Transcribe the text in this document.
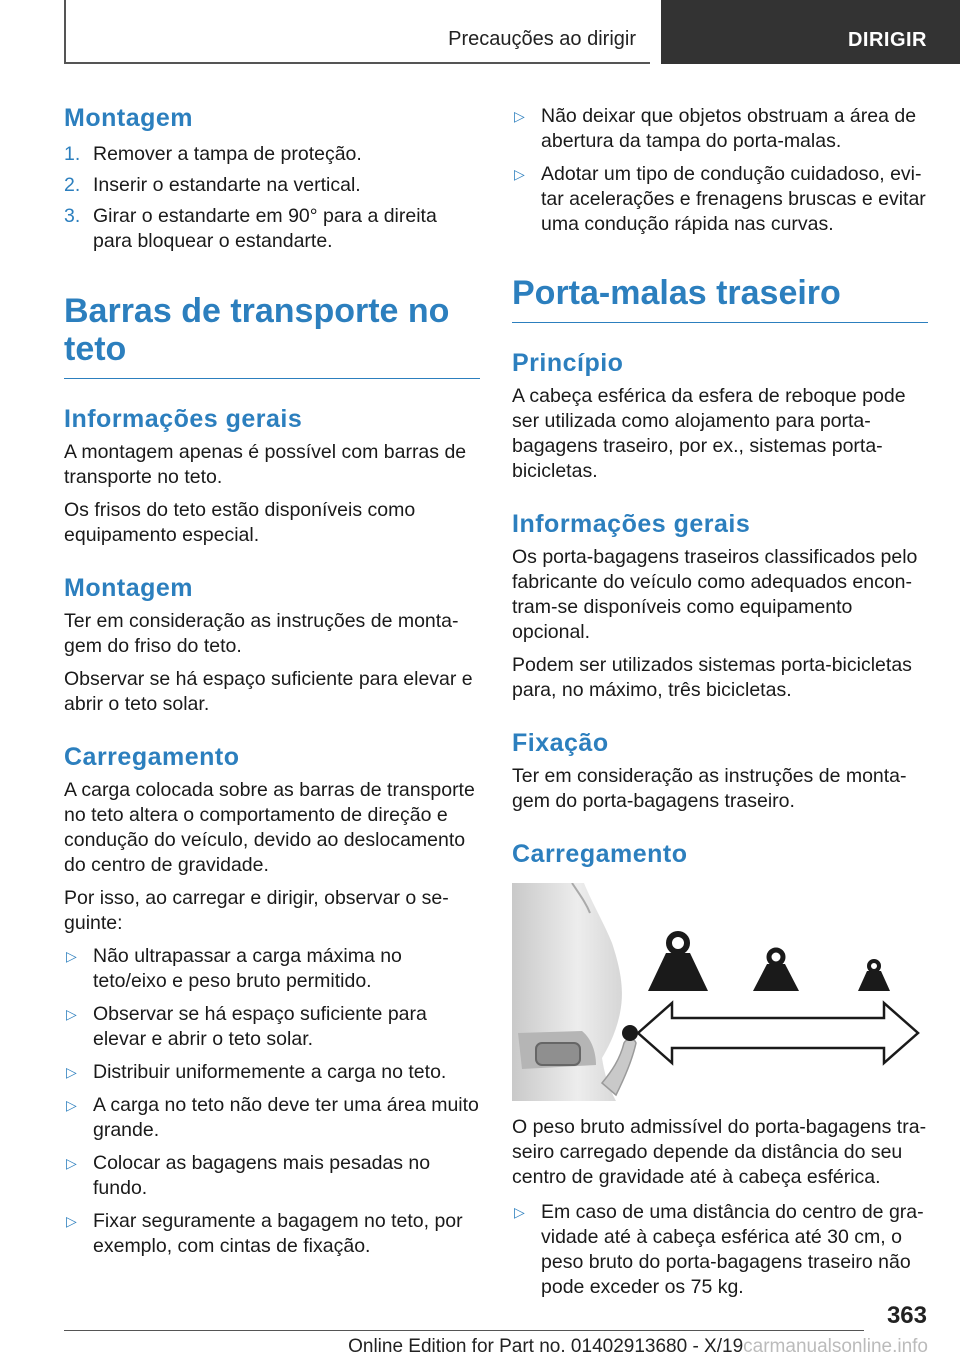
Precauções ao dirigir	DIRIGIR
Montagem
1. Remover a tampa de proteção.
2. Inserir o estandarte na vertical.
3. Girar o estandarte em 90° para a direita para bloquear o estandarte.
Barras de transporte no teto
Informações gerais

A montagem apenas é possível com barras de transporte no teto.

Os frisos do teto estão disponíveis como equipamento especial.

Montagem

Ter em consideração as instruções de montagem do friso do teto.

Observar se há espaço suficiente para elevar e abrir o teto solar.

Carregamento

A carga colocada sobre as barras de transporte no teto altera o comportamento de direção e condução do veículo, devido ao deslocamento do centro de gravidade.

Por isso, ao carregar e dirigir, observar o seguinte:

▷ Não ultrapassar a carga máxima no teto/eixo e peso bruto permitido.
▷ Observar se há espaço suficiente para elevar e abrir o teto solar.
▷ Distribuir uniformemente a carga no teto.
▷ A carga no teto não deve ter uma área muito grande.
▷ Colocar as bagagens mais pesadas no fundo.
▷ Fixar seguramente a bagagem no teto, por exemplo, com cintas de fixação.
▷ Não deixar que objetos obstruam a área de abertura da tampa do porta-malas.
▷ Adotar um tipo de condução cuidadoso, evitar acelerações e frenagens bruscas e evitar uma condução rápida nas curvas.
Porta-malas traseiro
Princípio

A cabeça esférica da esfera de reboque pode ser utilizada como alojamento para porta-bagagens traseiro, por ex., sistemas porta-bicicletas.

Informações gerais

Os porta-bagagens traseiros classificados pelo fabricante do veículo como adequados encontram-se disponíveis como equipamento opcional.

Podem ser utilizados sistemas porta-bicicletas para, no máximo, três bicicletas.

Fixação

Ter em consideração as instruções de montagem do porta-bagagens traseiro.

Carregamento

O peso bruto admissível do porta-bagagens traseiro carregado depende da distância do seu centro de gravidade até à cabeça esférica.

▷ Em caso de uma distância do centro de gravidade até à cabeça esférica até 30 cm, o peso bruto do porta-bagagens traseiro não pode exceder os 75 kg.
363
Online Edition for Part no. 01402913680 - X/19carmanualsonline.info
